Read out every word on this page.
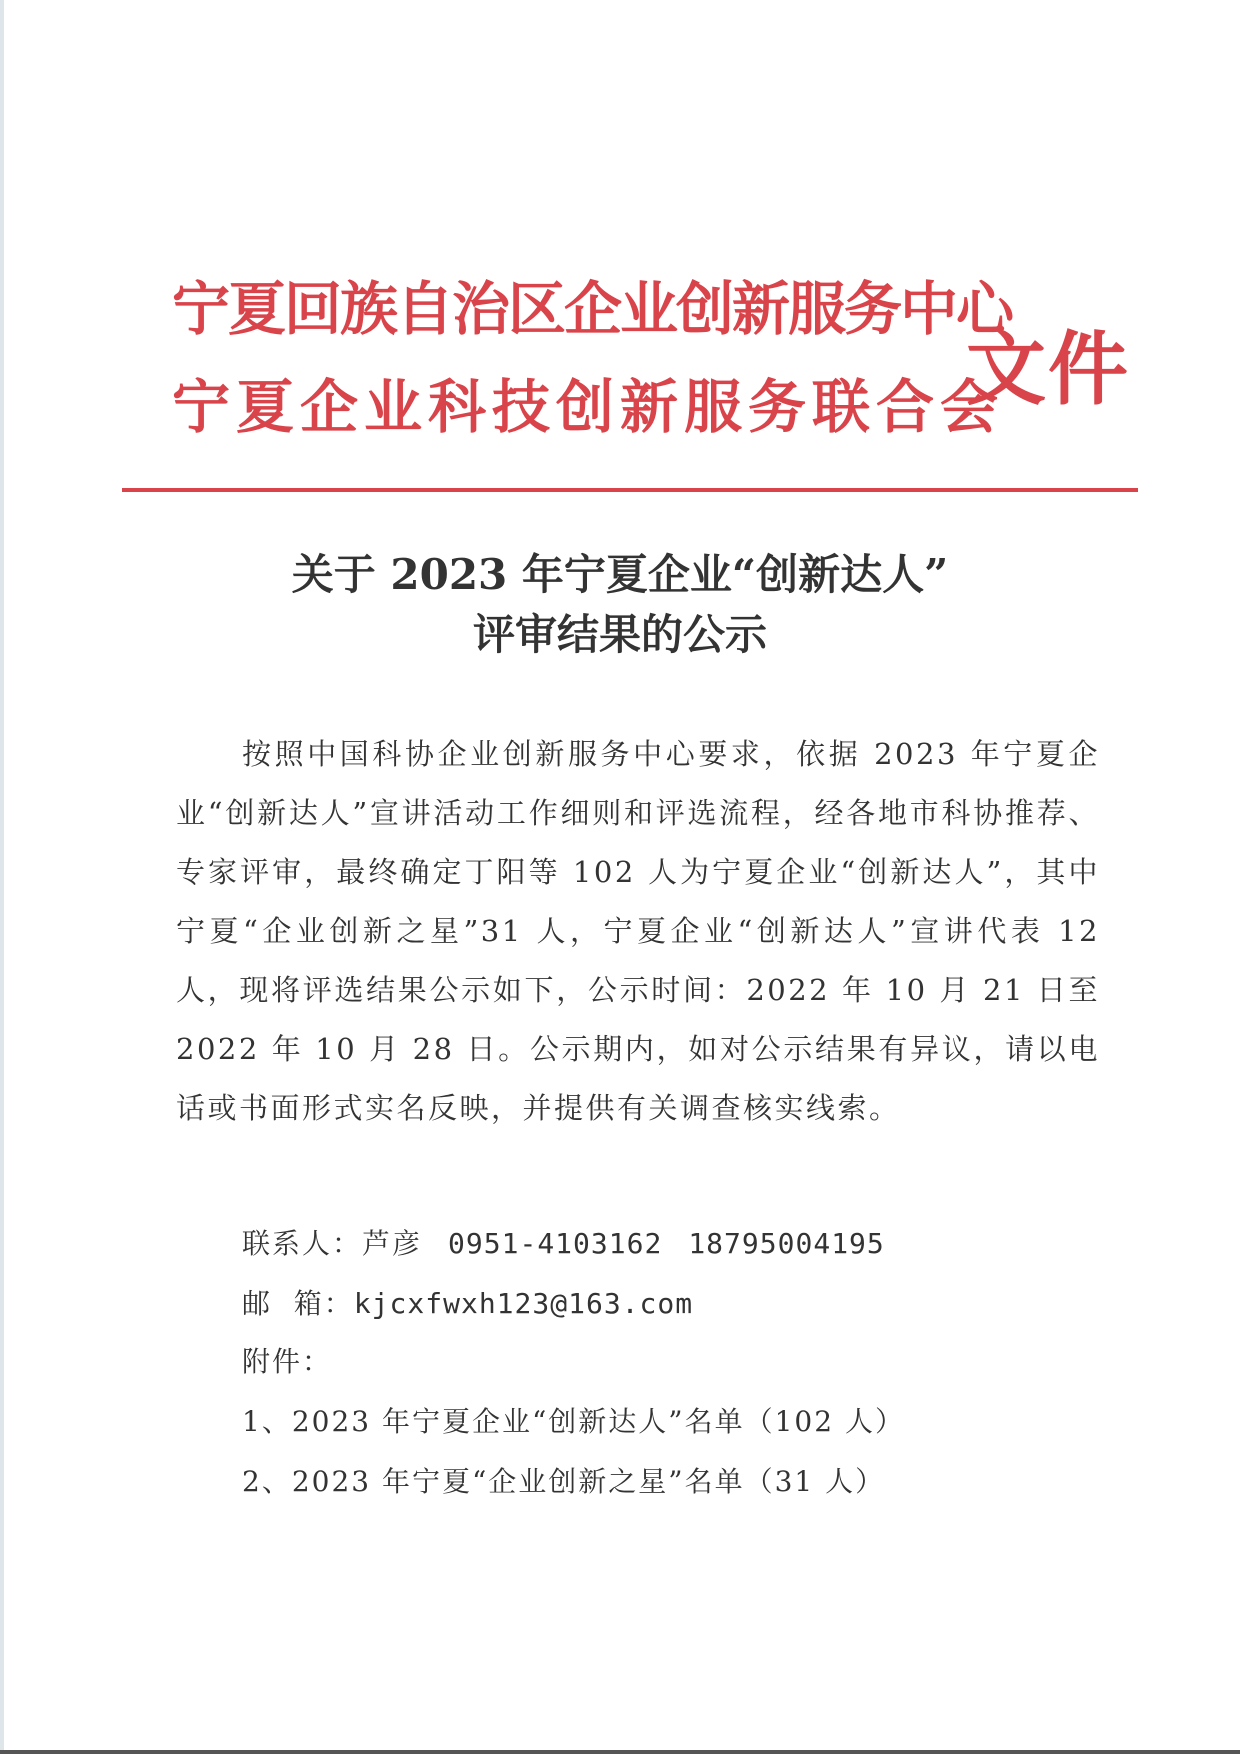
宁夏回族自治区企业创新服务中心
宁夏企业科技创新服务联合会
文件
关于 2023 年宁夏企业“创新达人”
评审结果的公示

按照中国科协企业创新服务中心要求，依据 2023 年宁夏企业“创新达人”宣讲活动工作细则和评选流程，经各地市科协推荐、专家评审，最终确定丁阳等 102 人为宁夏企业“创新达人”，其中宁夏“企业创新之星”31 人，宁夏企业“创新达人”宣讲代表 12 人，现将评选结果公示如下，公示时间：2022 年 10 月 21 日至 2022 年 10 月 28 日。公示期内，如对公示结果有异议，请以电话或书面形式实名反映，并提供有关调查核实线索。

联系人：芦彦 0951-4103162 18795004195
邮  箱：kjcxfwxh123@163.com
附件：
1、2023 年宁夏企业“创新达人”名单（102 人）
2、2023 年宁夏“企业创新之星”名单（31 人）
